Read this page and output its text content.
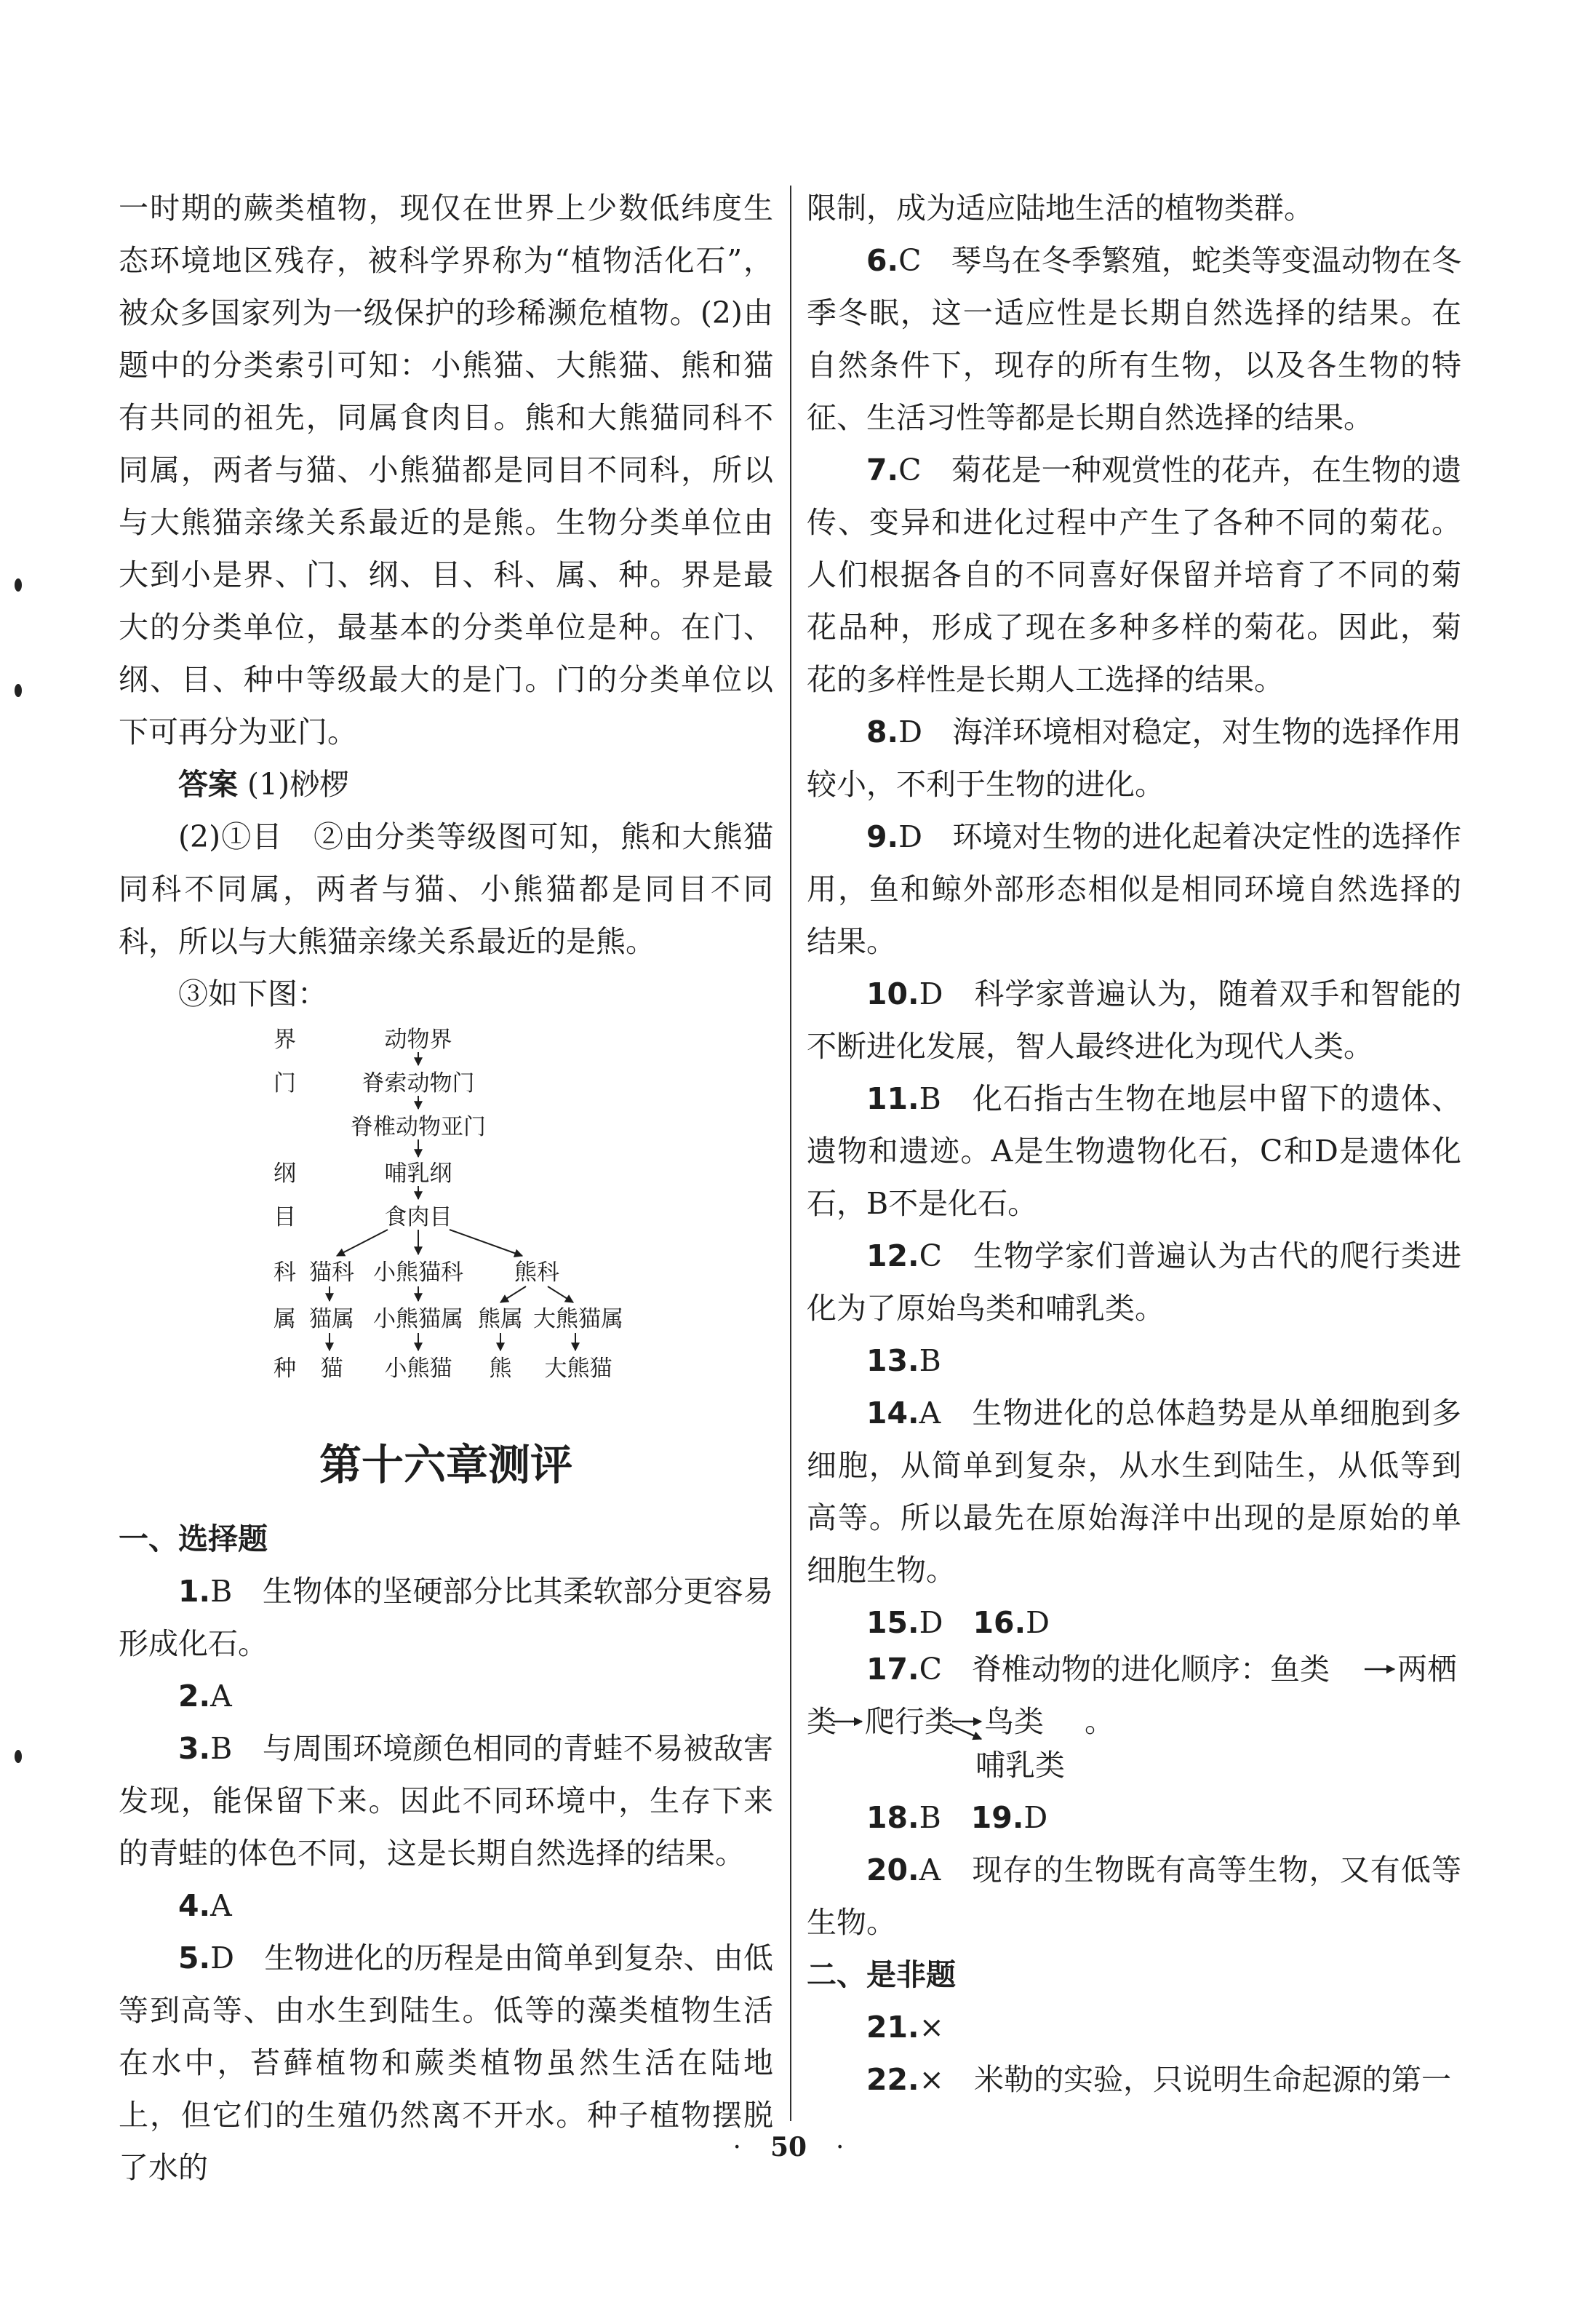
一时期的蕨类植物，现仅在世界上少数低纬度生态环境地区残存，被科学界称为“植物活化石”，被众多国家列为一级保护的珍稀濒危植物。(2)由题中的分类索引可知：小熊猫、大熊猫、熊和猫有共同的祖先，同属食肉目。熊和大熊猫同科不同属，两者与猫、小熊猫都是同目不同科，所以与大熊猫亲缘关系最近的是熊。生物分类单位由大到小是界、门、纲、目、科、属、种。界是最大的分类单位，最基本的分类单位是种。在门、纲、目、种中等级最大的是门。门的分类单位以下可再分为亚门。

答案 (1)桫椤

(2)①目　②由分类等级图可知，熊和大熊猫同科不同属，两者与猫、小熊猫都是同目不同科，所以与大熊猫亲缘关系最近的是熊。

③如下图：

界
门
纲
目
科
属
种
动物界
脊索动物门
脊椎动物亚门
哺乳纲
食肉目
猫科 小熊猫科 熊科
猫属 小熊猫属 熊属 大熊猫属
猫 小熊猫 熊 大熊猫
第十六章测评
一、选择题

1.B　生物体的坚硬部分比其柔软部分更容易形成化石。

2.A

3.B　与周围环境颜色相同的青蛙不易被敌害发现，能保留下来。因此不同环境中，生存下来的青蛙的体色不同，这是长期自然选择的结果。

4.A

5.D　生物进化的历程是由简单到复杂、由低等到高等、由水生到陆生。低等的藻类植物生活在水中，苔藓植物和蕨类植物虽然生活在陆地上，但它们的生殖仍然离不开水。种子植物摆脱了水的

限制，成为适应陆地生活的植物类群。

6.C　琴鸟在冬季繁殖，蛇类等变温动物在冬季冬眠，这一适应性是长期自然选择的结果。在自然条件下，现存的所有生物，以及各生物的特征、生活习性等都是长期自然选择的结果。

7.C　菊花是一种观赏性的花卉，在生物的遗传、变异和进化过程中产生了各种不同的菊花。人们根据各自的不同喜好保留并培育了不同的菊花品种，形成了现在多种多样的菊花。因此，菊花的多样性是长期人工选择的结果。

8.D　海洋环境相对稳定，对生物的选择作用较小，不利于生物的进化。

9.D　环境对生物的进化起着决定性的选择作用，鱼和鲸外部形态相似是相同环境自然选择的结果。

10.D　科学家普遍认为，随着双手和智能的不断进化发展，智人最终进化为现代人类。

11.B　化石指古生物在地层中留下的遗体、遗物和遗迹。A是生物遗物化石，C和D是遗体化石，B不是化石。

12.C　生物学家们普遍认为古代的爬行类进化为了原始鸟类和哺乳类。

13.B

14.A　生物进化的总体趋势是从单细胞到多细胞，从简单到复杂，从水生到陆生，从低等到高等。所以最先在原始海洋中出现的是原始的单细胞生物。

15.D　 16.D

17.C　脊椎动物的进化顺序：鱼类 两栖
类 爬行类 鸟类 。

哺乳类

18.B　 19.D

20.A　现存的生物既有高等生物，又有低等生物。

二、是非题

21.×

22.×　米勒的实验，只说明生命起源的第一

· 50 ·
